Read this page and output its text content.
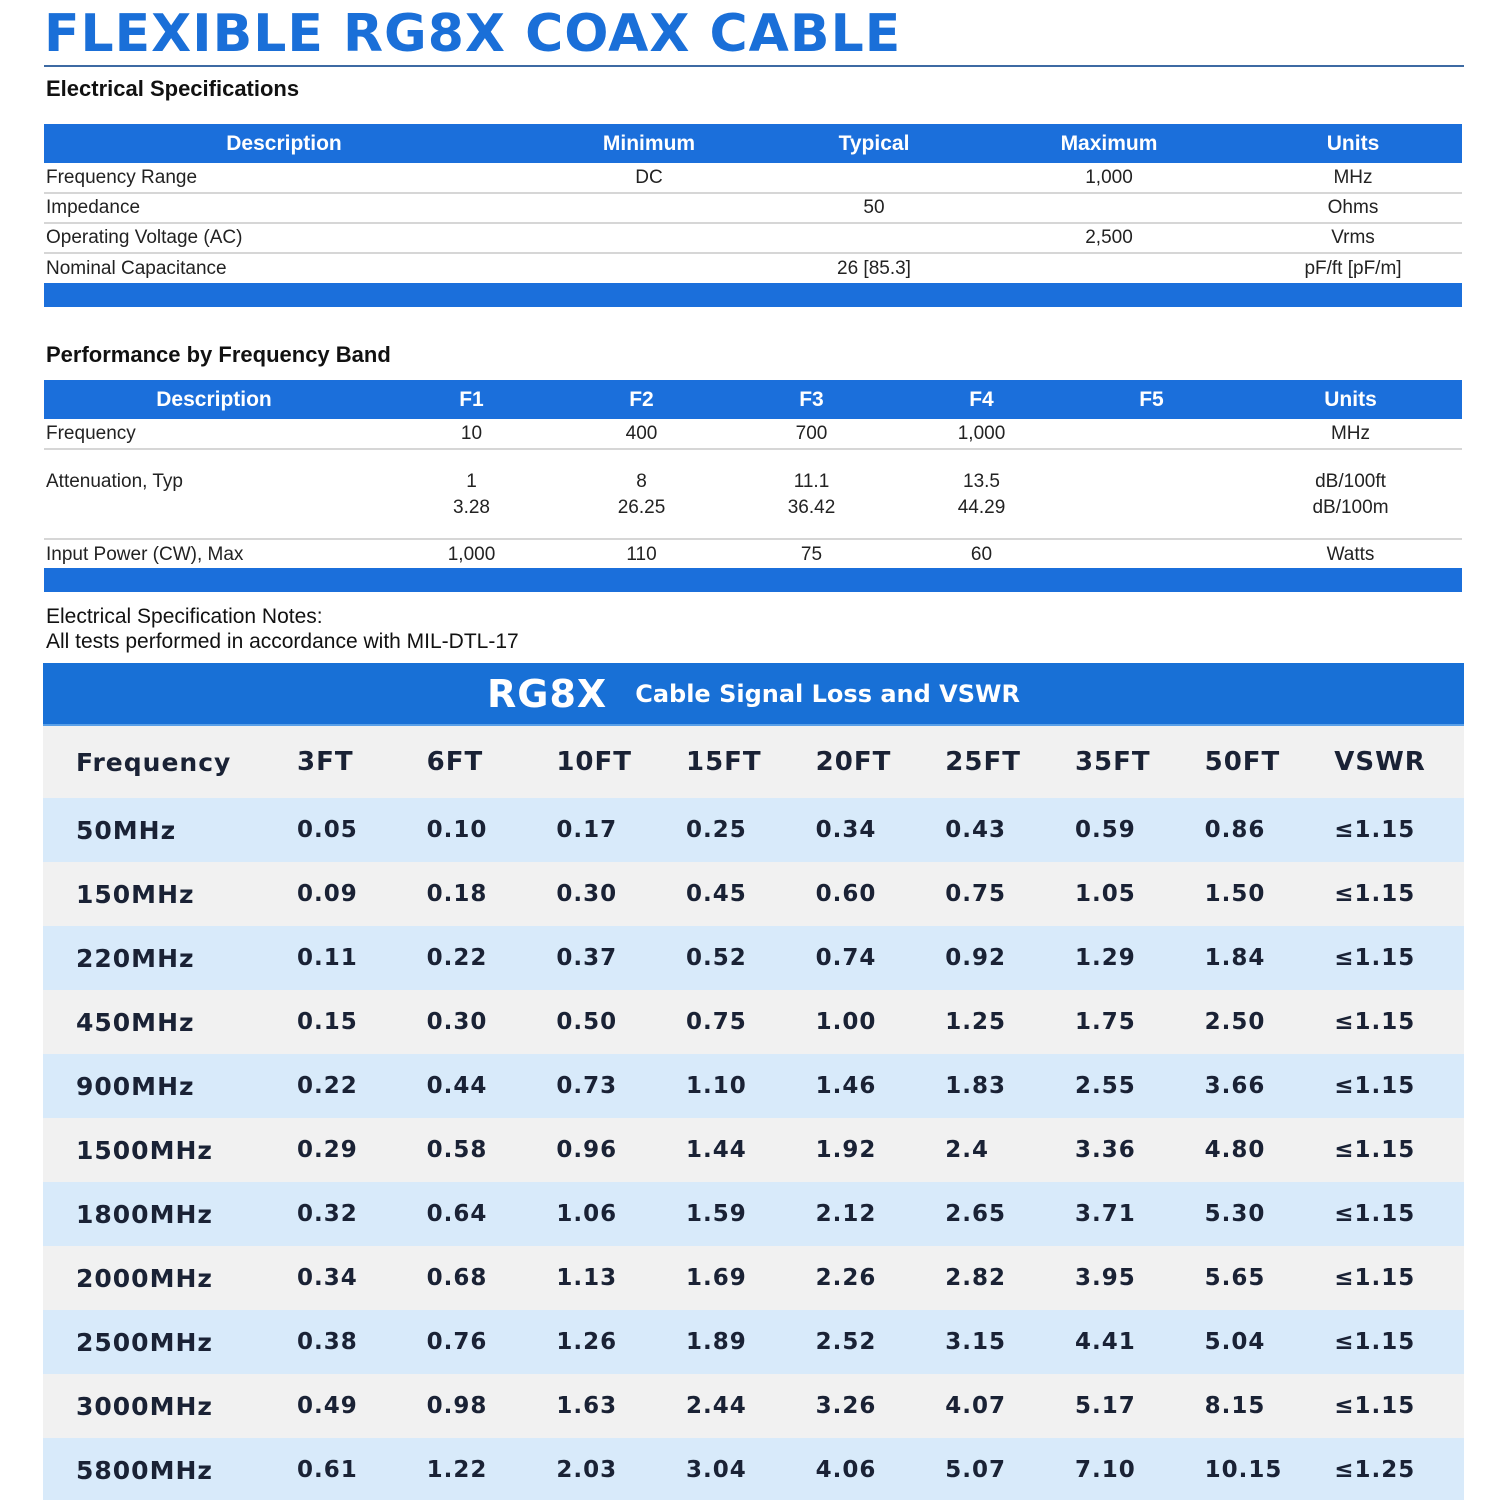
FLEXIBLE RG8X COAX CABLE
Electrical Specifications
Description	Minimum	Typical	Maximum	Units
Frequency Range	DC		1,000	MHz
Impedance		50		Ohms
Operating Voltage (AC)			2,500	Vrms
Nominal Capacitance		26 [85.3]		pF/ft [pF/m]
Performance by Frequency Band
Description	F1	F2	F3	F4	F5	Units
Frequency	10	400	700	1,000		MHz
Attenuation, Typ	1	8	11.1	13.5		dB/100ft
	3.28	26.25	36.42	44.29		dB/100m
Input Power (CW), Max	1,000	110	75	60		Watts
Electrical Specification Notes:
All tests performed in accordance with MIL-DTL-17
RG8X Cable Signal Loss and VSWR
Frequency	3FT	6FT	10FT	15FT	20FT	25FT	35FT	50FT	VSWR
50MHz	0.05	0.10	0.17	0.25	0.34	0.43	0.59	0.86	≤1.15
150MHz	0.09	0.18	0.30	0.45	0.60	0.75	1.05	1.50	≤1.15
220MHz	0.11	0.22	0.37	0.52	0.74	0.92	1.29	1.84	≤1.15
450MHz	0.15	0.30	0.50	0.75	1.00	1.25	1.75	2.50	≤1.15
900MHz	0.22	0.44	0.73	1.10	1.46	1.83	2.55	3.66	≤1.15
1500MHz	0.29	0.58	0.96	1.44	1.92	2.4	3.36	4.80	≤1.15
1800MHz	0.32	0.64	1.06	1.59	2.12	2.65	3.71	5.30	≤1.15
2000MHz	0.34	0.68	1.13	1.69	2.26	2.82	3.95	5.65	≤1.15
2500MHz	0.38	0.76	1.26	1.89	2.52	3.15	4.41	5.04	≤1.15
3000MHz	0.49	0.98	1.63	2.44	3.26	4.07	5.17	8.15	≤1.15
5800MHz	0.61	1.22	2.03	3.04	4.06	5.07	7.10	10.15	≤1.25
